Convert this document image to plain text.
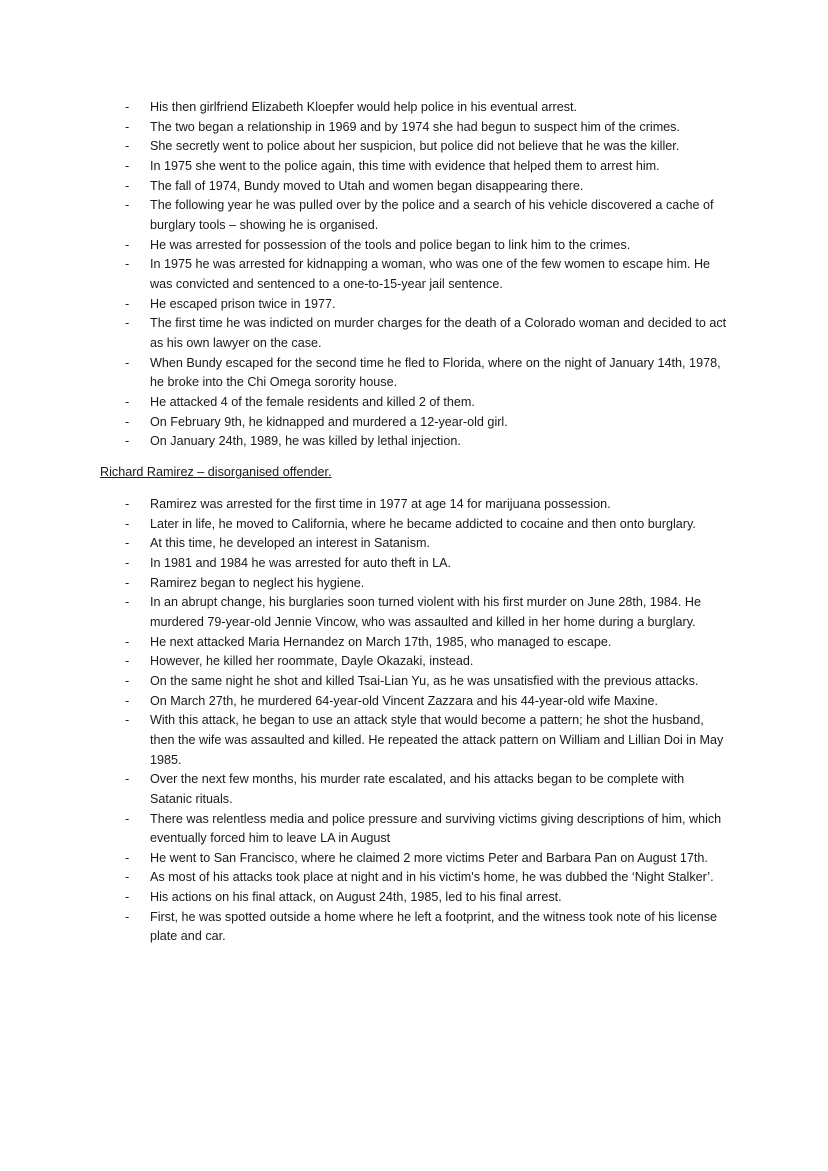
- His then girlfriend Elizabeth Kloepfer would help police in his eventual arrest.
- The two began a relationship in 1969 and by 1974 she had begun to suspect him of the crimes.
- She secretly went to police about her suspicion, but police did not believe that he was the killer.
- In 1975 she went to the police again, this time with evidence that helped them to arrest him.
- The fall of 1974, Bundy moved to Utah and women began disappearing there.
- The following year he was pulled over by the police and a search of his vehicle discovered a cache of burglary tools – showing he is organised.
- He was arrested for possession of the tools and police began to link him to the crimes.
- In 1975 he was arrested for kidnapping a woman, who was one of the few women to escape him. He was convicted and sentenced to a one-to-15-year jail sentence.
- He escaped prison twice in 1977.
- The first time he was indicted on murder charges for the death of a Colorado woman and decided to act as his own lawyer on the case.
- When Bundy escaped for the second time he fled to Florida, where on the night of January 14th, 1978, he broke into the Chi Omega sorority house.
- He attacked 4 of the female residents and killed 2 of them.
- On February 9th, he kidnapped and murdered a 12-year-old girl.
- On January 24th, 1989, he was killed by lethal injection.
Richard Ramirez – disorganised offender.
- Ramirez was arrested for the first time in 1977 at age 14 for marijuana possession.
- Later in life, he moved to California, where he became addicted to cocaine and then onto burglary.
- At this time, he developed an interest in Satanism.
- In 1981 and 1984 he was arrested for auto theft in LA.
- Ramirez began to neglect his hygiene.
- In an abrupt change, his burglaries soon turned violent with his first murder on June 28th, 1984. He murdered 79-year-old Jennie Vincow, who was assaulted and killed in her home during a burglary.
- He next attacked Maria Hernandez on March 17th, 1985, who managed to escape.
- However, he killed her roommate, Dayle Okazaki, instead.
- On the same night he shot and killed Tsai-Lian Yu, as he was unsatisfied with the previous attacks.
- On March 27th, he murdered 64-year-old Vincent Zazzara and his 44-year-old wife Maxine.
- With this attack, he began to use an attack style that would become a pattern; he shot the husband, then the wife was assaulted and killed. He repeated the attack pattern on William and Lillian Doi in May 1985.
- Over the next few months, his murder rate escalated, and his attacks began to be complete with Satanic rituals.
- There was relentless media and police pressure and surviving victims giving descriptions of him, which eventually forced him to leave LA in August
- He went to San Francisco, where he claimed 2 more victims Peter and Barbara Pan on August 17th.
- As most of his attacks took place at night and in his victim's home, he was dubbed the ‘Night Stalker’.
- His actions on his final attack, on August 24th, 1985, led to his final arrest.
- First, he was spotted outside a home where he left a footprint, and the witness took note of his license plate and car.
